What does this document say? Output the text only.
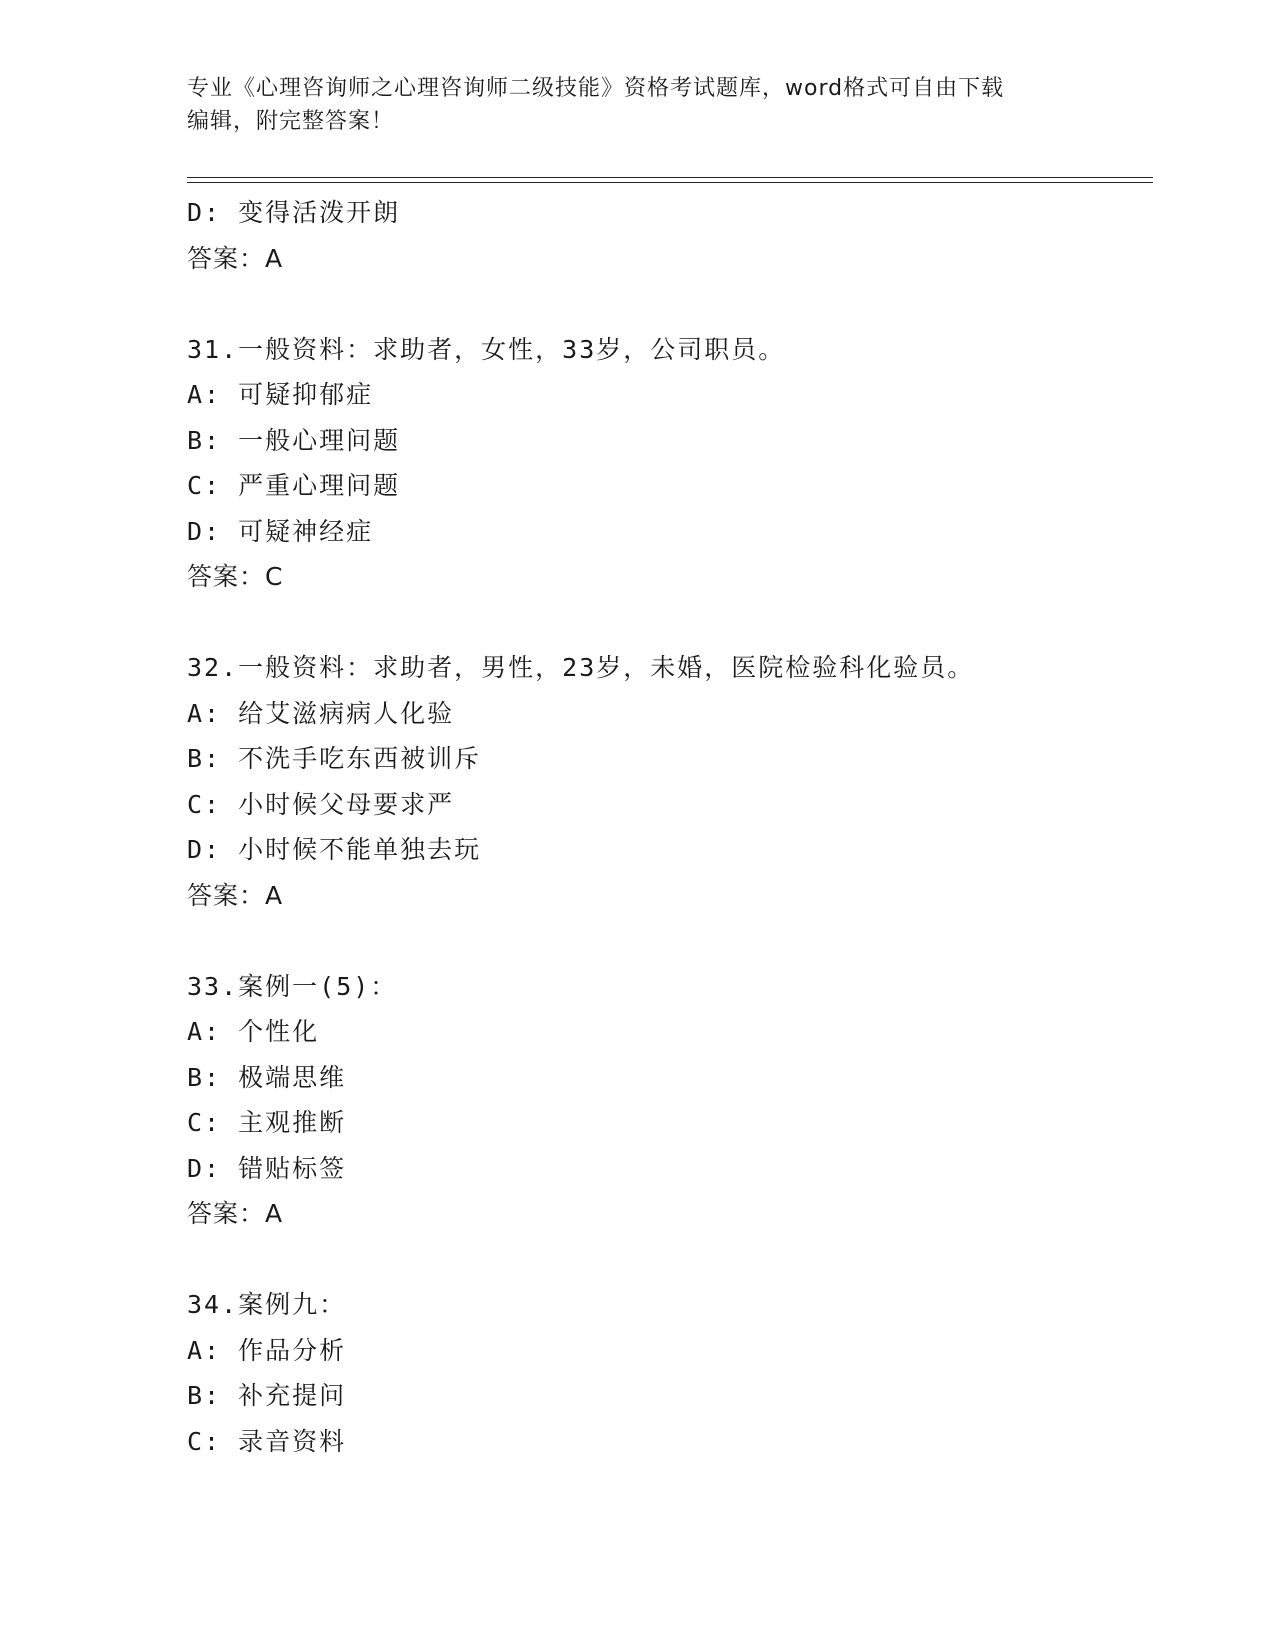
专业《心理咨询师之心理咨询师二级技能》资格考试题库，word格式可自由下载
编辑，附完整答案！
D: 变得活泼开朗
答案：A
31.一般资料：求助者，女性，33岁，公司职员。
A: 可疑抑郁症
B: 一般心理问题
C: 严重心理问题
D: 可疑神经症
答案：C
32.一般资料：求助者，男性，23岁，未婚，医院检验科化验员。
A: 给艾滋病病人化验
B: 不洗手吃东西被训斥
C: 小时候父母要求严
D: 小时候不能单独去玩
答案：A
33.案例一(5)：
A: 个性化
B: 极端思维
C: 主观推断
D: 错贴标签
答案：A
34.案例九：
A: 作品分析
B: 补充提问
C: 录音资料
